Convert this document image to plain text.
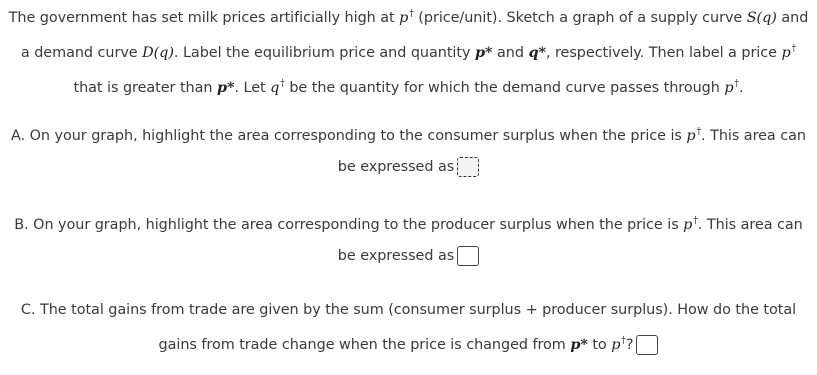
The government has set milk prices artificially high at p† (price/unit). Sketch a graph of a supply curve S(q) and
a demand curve D(q). Label the equilibrium price and quantity p* and q*, respectively. Then label a price p†
that is greater than p*. Let q† be the quantity for which the demand curve passes through p†.
A. On your graph, highlight the area corresponding to the consumer surplus when the price is p†. This area can
be expressed as
B. On your graph, highlight the area corresponding to the producer surplus when the price is p†. This area can
be expressed as
C. The total gains from trade are given by the sum (consumer surplus + producer surplus). How do the total
gains from trade change when the price is changed from p* to p†?
